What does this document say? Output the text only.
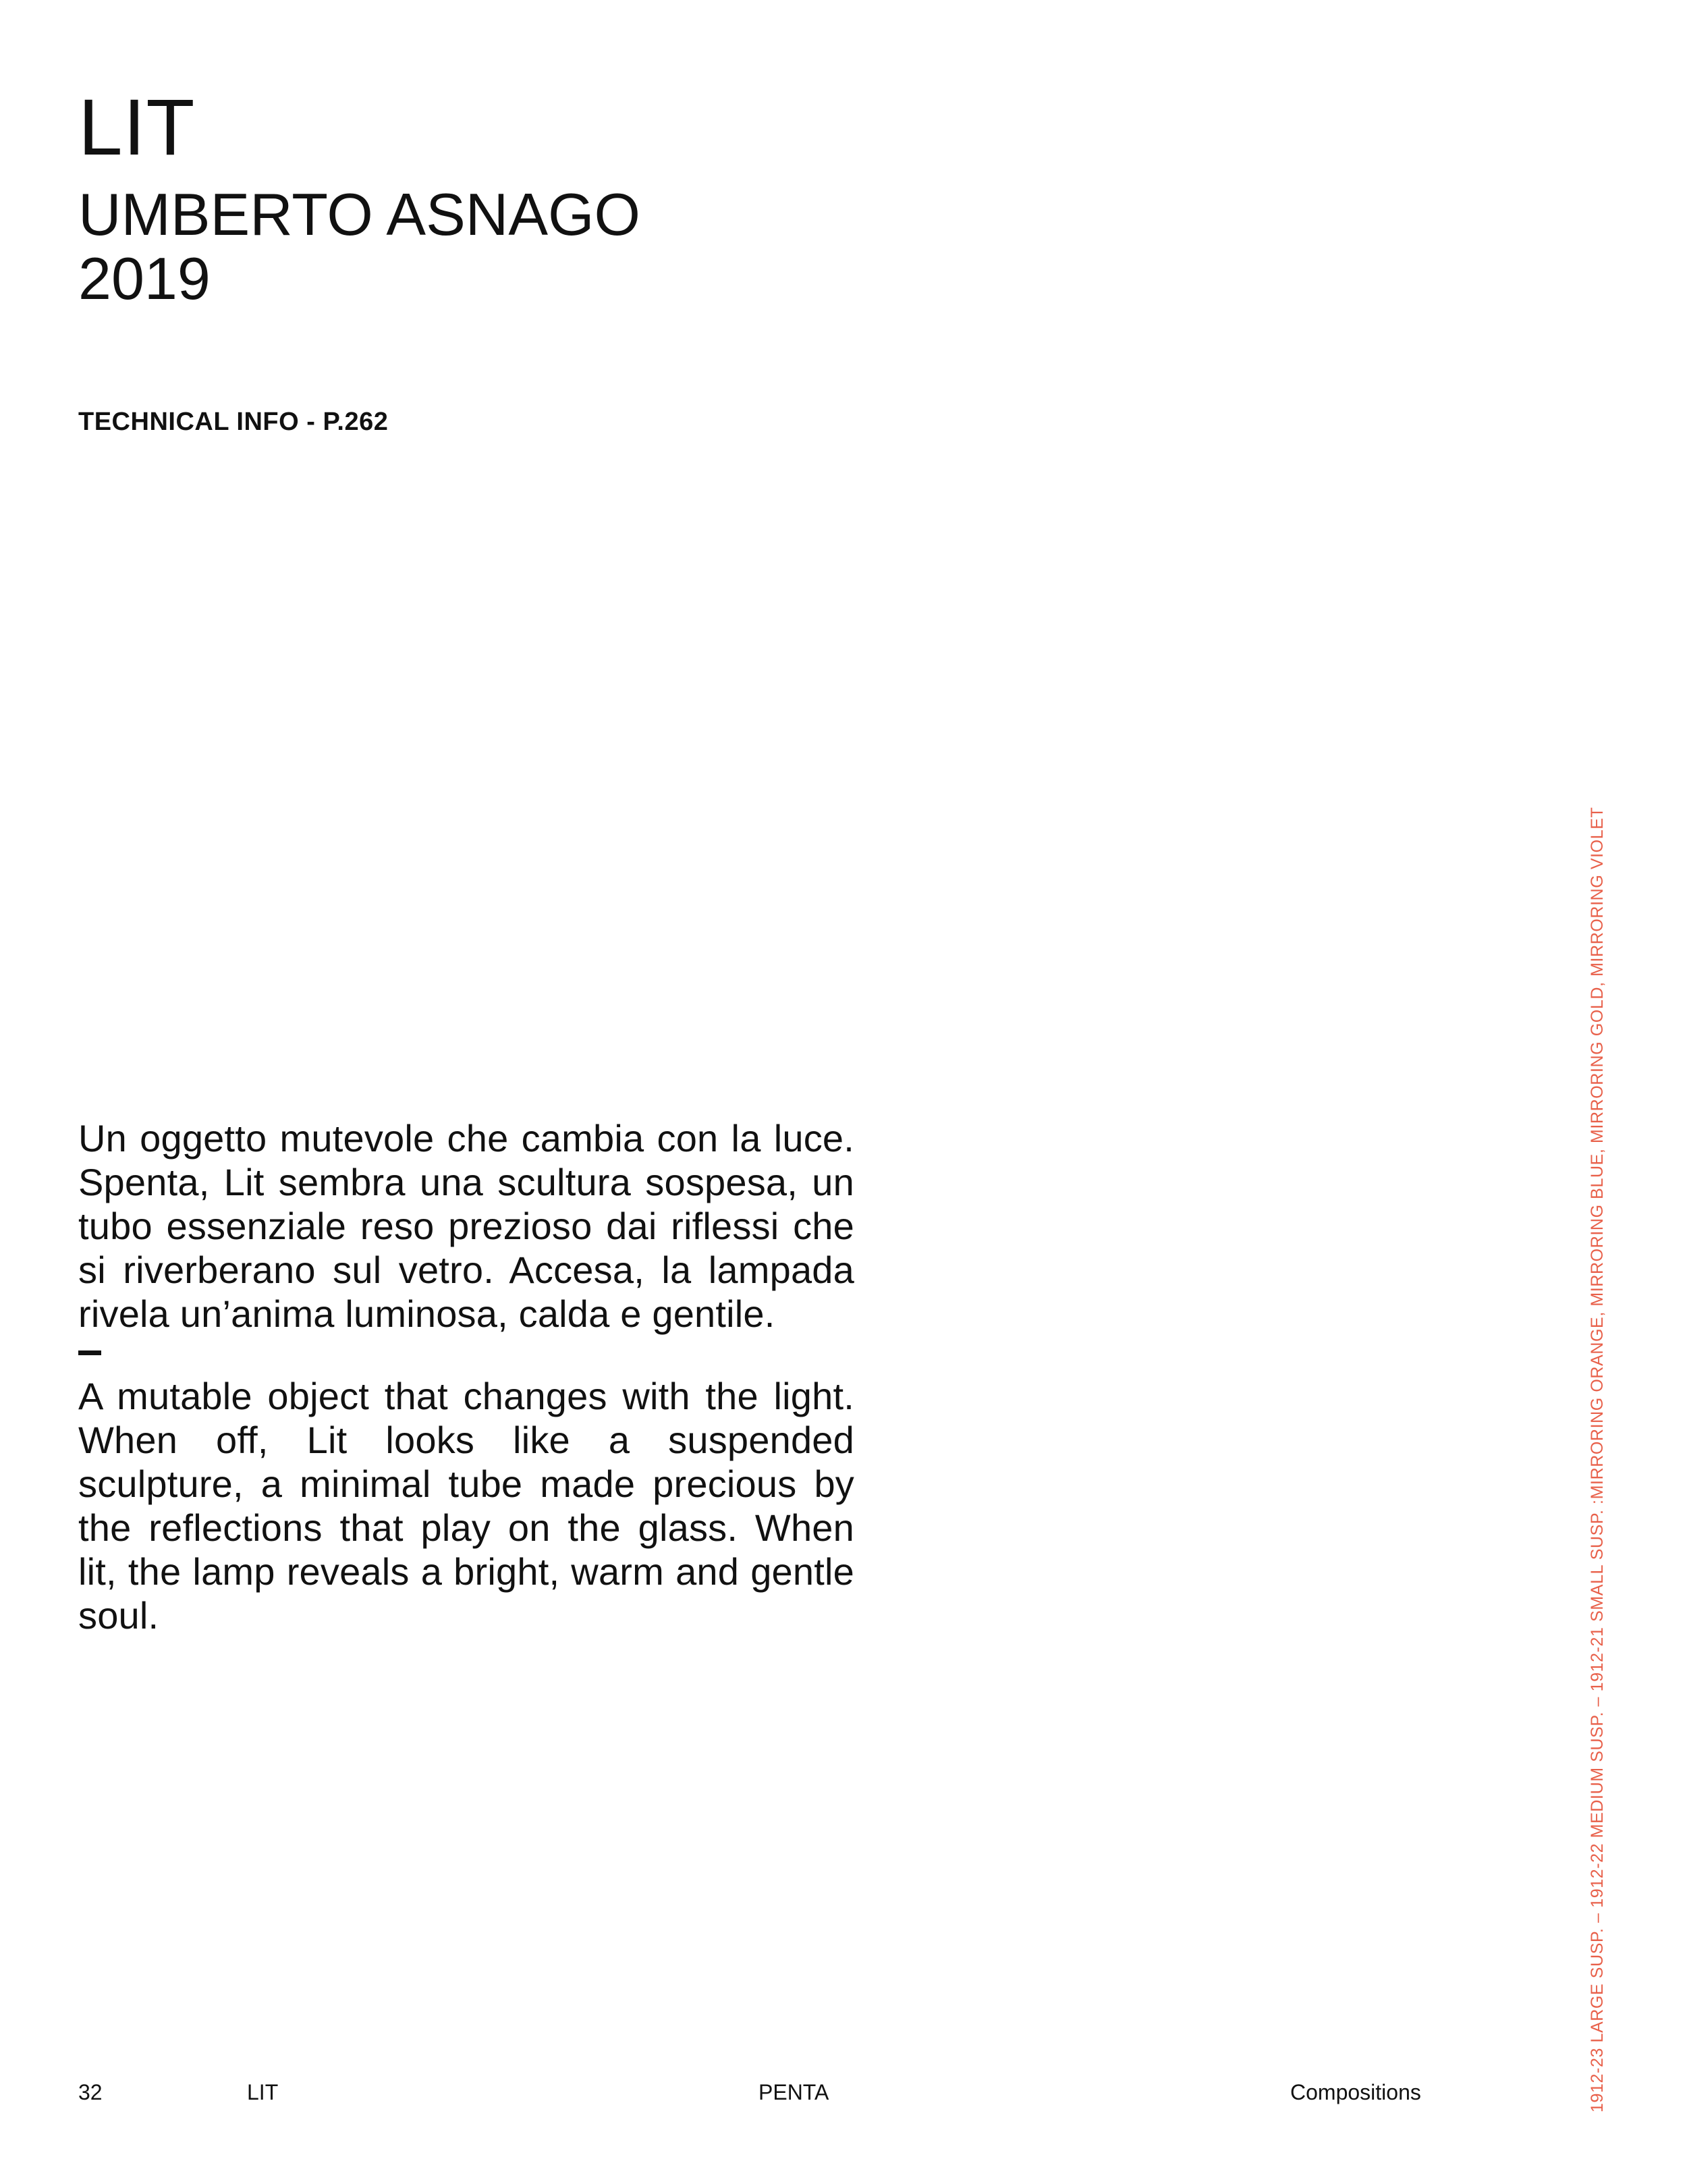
LIT
UMBERTO ASNAGO
2019
TECHNICAL INFO - P.262

Un oggetto mutevole che cambia con la luce. Spenta, Lit sembra una scultura sospesa, un tubo essenziale reso prezioso dai riflessi che si riverberano sul vetro. Accesa, la lampada rivela un’anima luminosa, calda e gentile.

A mutable object that changes with the light. When off, Lit looks like a suspended sculpture, a minimal tube made precious by the reflections that play on the glass. When lit, the lamp reveals a bright, warm and gentle soul.	1912-23 LARGE SUSP. – 1912-22 MEDIUM SUSP. – 1912-21 SMALL SUSP. :MIRRORING ORANGE, MIRRORING BLUE, MIRRORING GOLD, MIRRORING VIOLET
32	LIT	PENTA	Compositions
